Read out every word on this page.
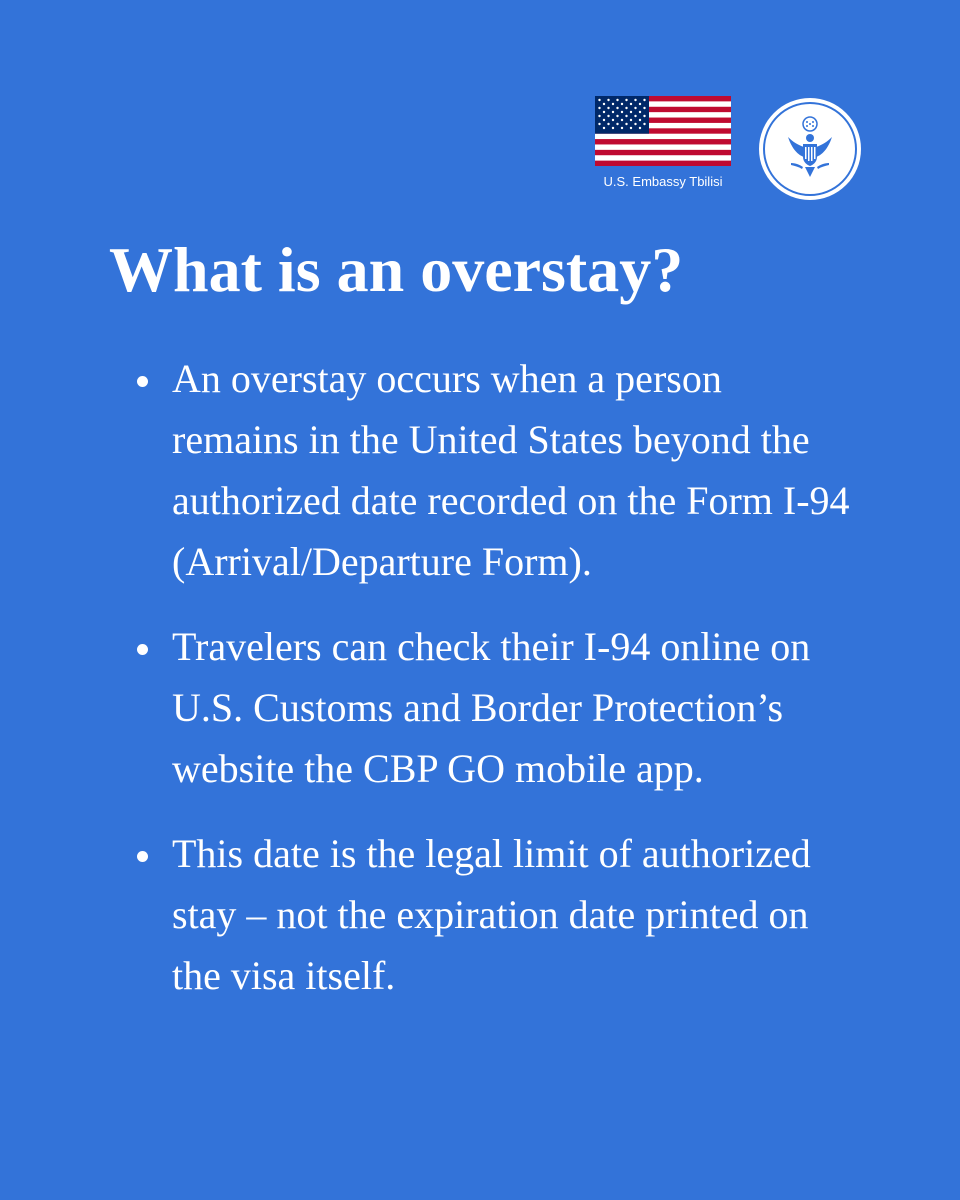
U.S. Embassy Tbilisi
What is an overstay?
An overstay occurs when a person remains in the United States beyond the authorized date recorded on the Form I-94 (Arrival/Departure Form).
Travelers can check their I-94 online on U.S. Customs and Border Protection’s website the CBP GO mobile app.
This date is the legal limit of authorized stay – not the expiration date printed on the visa itself.
